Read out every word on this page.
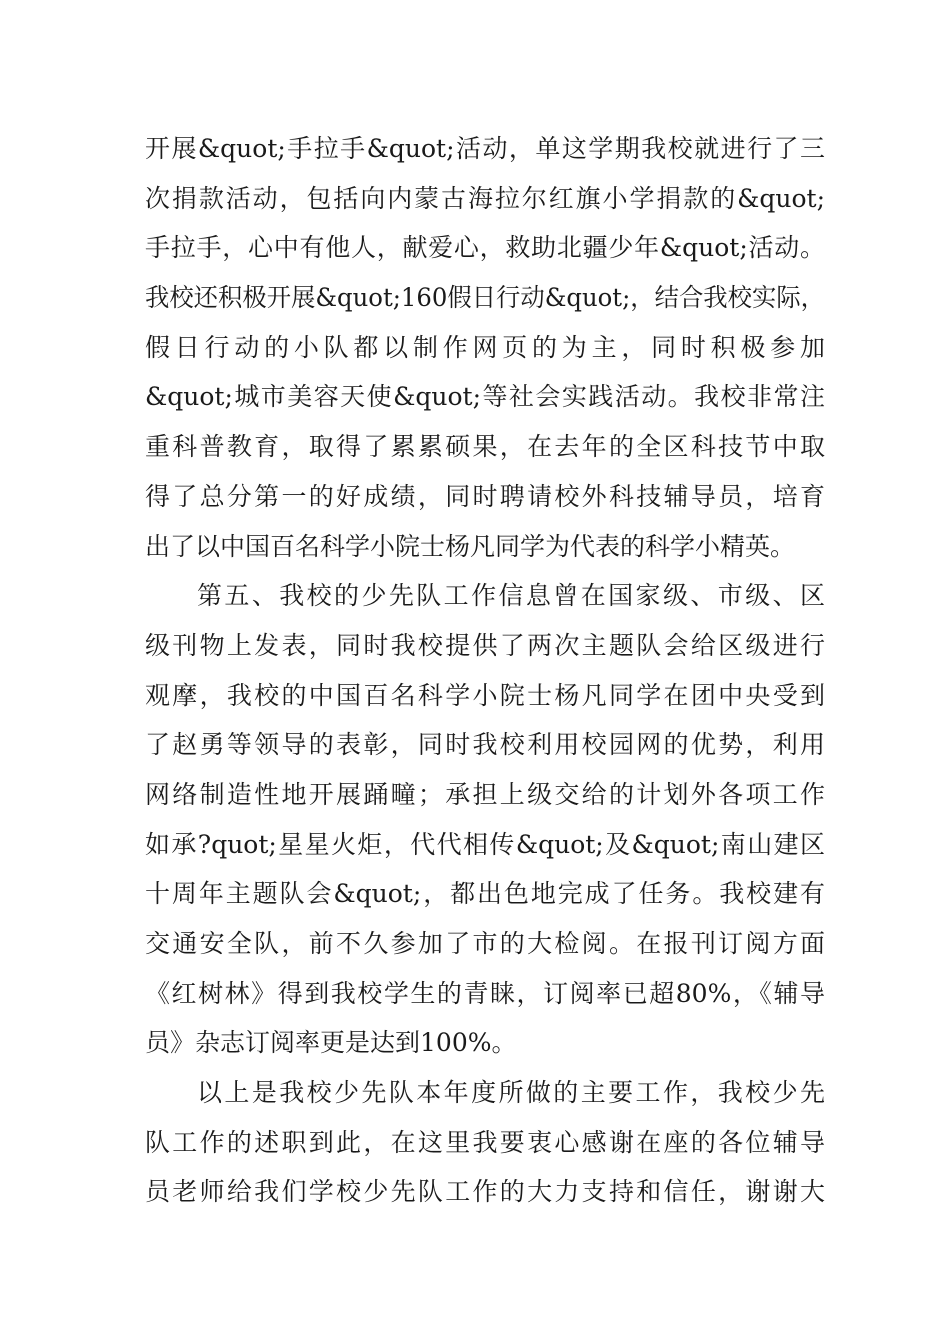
开展&quot;手拉手&quot;活动，单这学期我校就进行了三
次捐款活动，包括向内蒙古海拉尔红旗小学捐款的&quot;
手拉手，心中有他人，献爱心，救助北疆少年&quot;活动。
我校还积极开展&quot;160假日行动&quot;，结合我校实际，
假日行动的小队都以制作网页的为主，同时积极参加
&quot;城市美容天使&quot;等社会实践活动。我校非常注
重科普教育，取得了累累硕果，在去年的全区科技节中取
得了总分第一的好成绩，同时聘请校外科技辅导员，培育
出了以中国百名科学小院士杨凡同学为代表的科学小精英。
第五、我校的少先队工作信息曾在国家级、市级、区
级刊物上发表，同时我校提供了两次主题队会给区级进行
观摩，我校的中国百名科学小院士杨凡同学在团中央受到
了赵勇等领导的表彰，同时我校利用校园网的优势，利用
网络制造性地开展踊疃；承担上级交给的计划外各项工作
如承?quot;星星火炬，代代相传&quot;及&quot;南山建区
十周年主题队会&quot;，都出色地完成了任务。我校建有
交通安全队，前不久参加了市的大检阅。在报刊订阅方面
《红树林》得到我校学生的青睐，订阅率已超80%，《辅导
员》杂志订阅率更是达到100%。
以上是我校少先队本年度所做的主要工作，我校少先
队工作的述职到此，在这里我要衷心感谢在座的各位辅导
员老师给我们学校少先队工作的大力支持和信任，谢谢大
